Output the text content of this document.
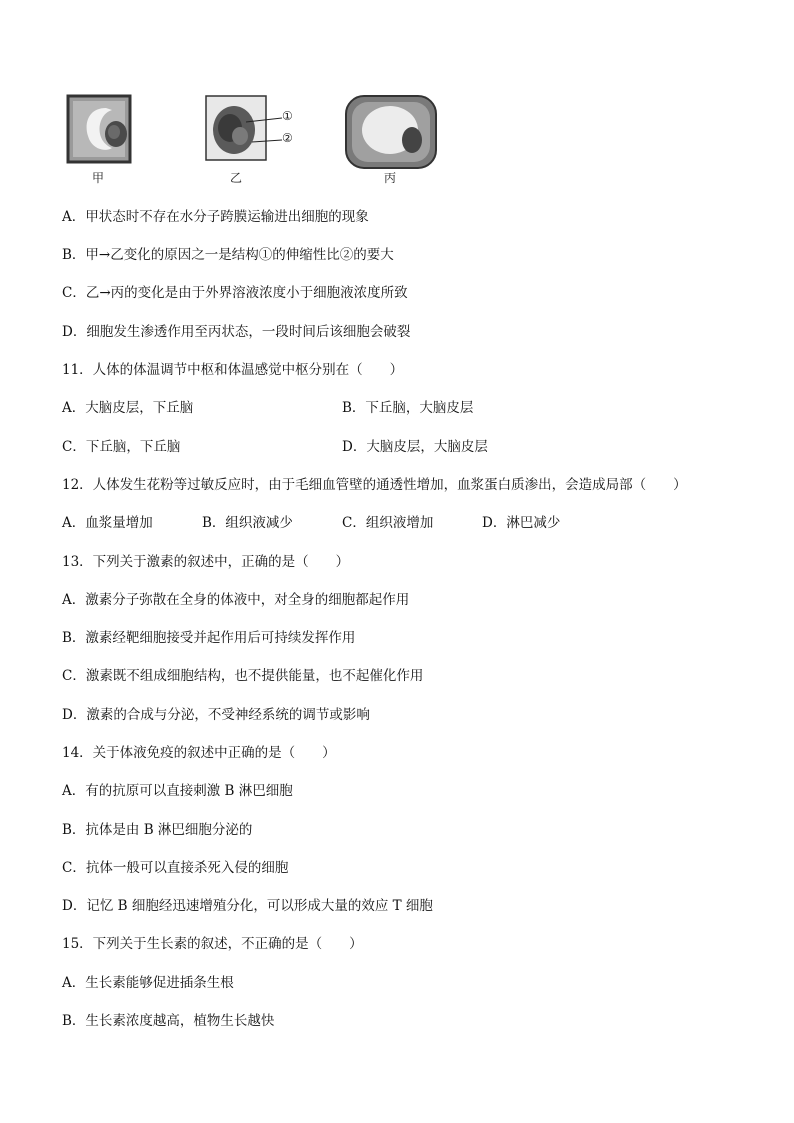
甲
①
②
乙	丙
A．甲状态时不存在水分子跨膜运输进出细胞的现象
B．甲→乙变化的原因之一是结构①的伸缩性比②的要大
C．乙→丙的变化是由于外界溶液浓度小于细胞液浓度所致
D．细胞发生渗透作用至丙状态，一段时间后该细胞会破裂
11．人体的体温调节中枢和体温感觉中枢分别在（　　）
A．大脑皮层，下丘脑	B．下丘脑，大脑皮层
C．下丘脑，下丘脑	D．大脑皮层，大脑皮层
12．人体发生花粉等过敏反应时，由于毛细血管壁的通透性增加，血浆蛋白质渗出，会造成局部（　　）
A．血浆量增加	B．组织液减少	C．组织液增加	D．淋巴减少
13．下列关于激素的叙述中，正确的是（　　）
A．激素分子弥散在全身的体液中，对全身的细胞都起作用
B．激素经靶细胞接受并起作用后可持续发挥作用
C．激素既不组成细胞结构，也不提供能量，也不起催化作用
D．激素的合成与分泌，不受神经系统的调节或影响
14．关于体液免疫的叙述中正确的是（　　）
A．有的抗原可以直接刺激 B 淋巴细胞
B．抗体是由 B 淋巴细胞分泌的
C．抗体一般可以直接杀死入侵的细胞
D．记忆 B 细胞经迅速增殖分化，可以形成大量的效应 T 细胞
15．下列关于生长素的叙述，不正确的是（　　）
A．生长素能够促进插条生根
B．生长素浓度越高，植物生长越快
